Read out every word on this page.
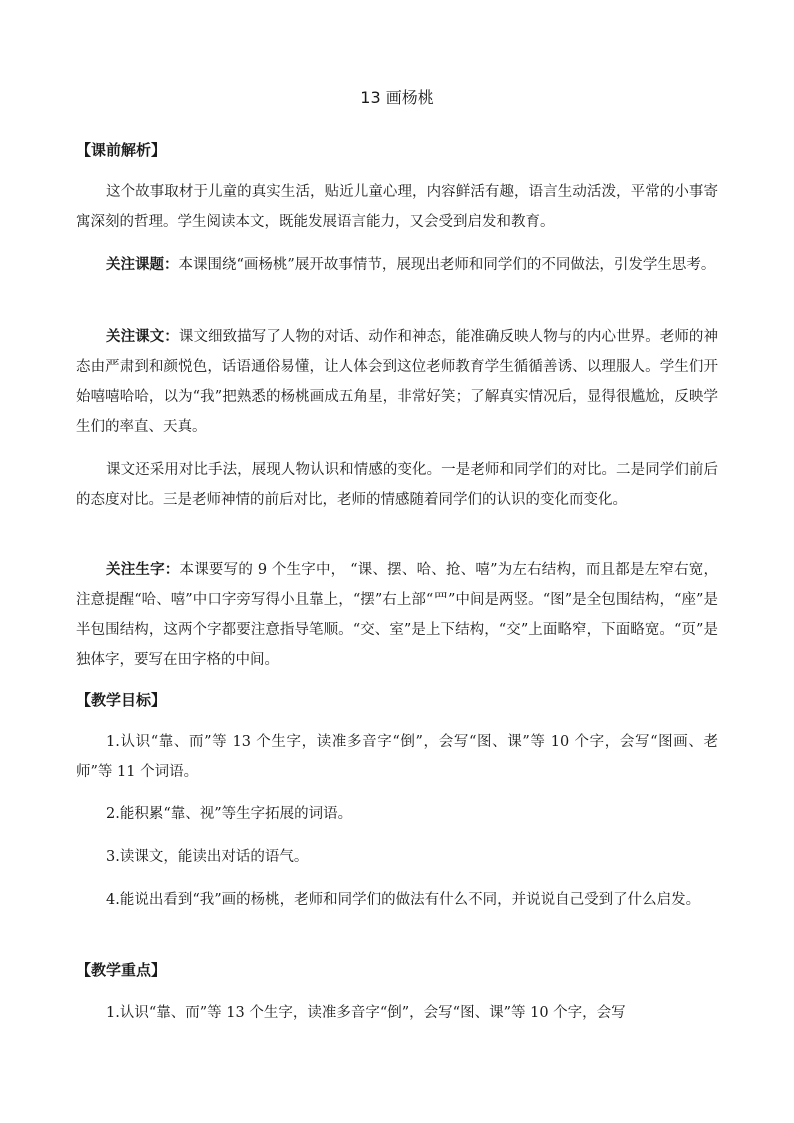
13 画杨桃
【课前解析】

这个故事取材于儿童的真实生活，贴近儿童心理，内容鲜活有趣，语言生动活泼，平常的小事寄寓深刻的哲理。学生阅读本文，既能发展语言能力，又会受到启发和教育。

关注课题：本课围绕“画杨桃”展开故事情节，展现出老师和同学们的不同做法，引发学生思考。

关注课文：课文细致描写了人物的对话、动作和神态，能准确反映人物与的内心世界。老师的神态由严肃到和颜悦色，话语通俗易懂，让人体会到这位老师教育学生循循善诱、以理服人。学生们开始嘻嘻哈哈，以为“我”把熟悉的杨桃画成五角星，非常好笑；了解真实情况后，显得很尴尬，反映学生们的率直、天真。

课文还采用对比手法，展现人物认识和情感的变化。一是老师和同学们的对比。二是同学们前后的态度对比。三是老师神情的前后对比，老师的情感随着同学们的认识的变化而变化。

关注生字：本课要写的 9 个生字中， “课、摆、哈、抢、嘻”为左右结构，而且都是左窄右宽，注意提醒“哈、嘻”中口字旁写得小且靠上，“摆”右上部“罒”中间是两竖。“图”是全包围结构，“座”是半包围结构，这两个字都要注意指导笔顺。“交、室”是上下结构，“交”上面略窄，下面略宽。“页”是独体字，要写在田字格的中间。

【教学目标】

1.认识“靠、而”等 13 个生字，读准多音字“倒”，会写“图、课”等 10 个字，会写“图画、老师”等 11 个词语。

2.能积累“靠、视”等生字拓展的词语。

3.读课文，能读出对话的语气。

4.能说出看到“我”画的杨桃，老师和同学们的做法有什么不同，并说说自己受到了什么启发。

【教学重点】

1.认识“靠、而”等 13 个生字，读准多音字“倒”，会写“图、课”等 10 个字，会写
